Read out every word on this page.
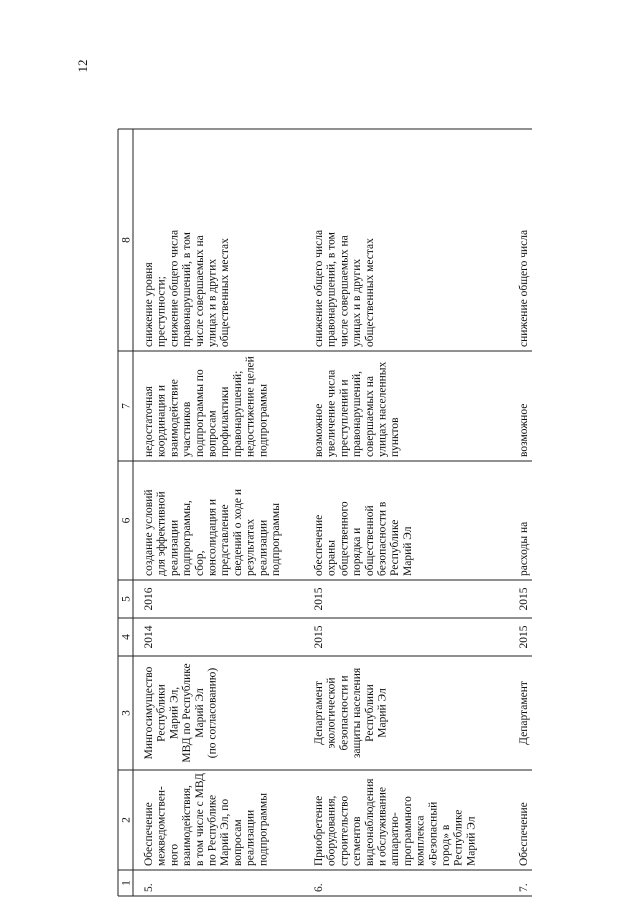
12
1
2
3
4
5
6
7
8
5.
Обеспечение межведомствен- ного взаимодействия, в том числе с МВД по Республике Марий Эл, по вопросам реализации подпрограммы
Мингосимущество Республики Марий Эл, МВД по Республике Марий Эл (по согласованию)
2014
2016
создание условий для эффективной реализации подпрограммы, сбор, консолидация и представление сведений о ходе и результатах реализации подпрограммы
недостаточная координация и взаимодействие участников подпрограммы по вопросам профилактики правонарушений; недостижение целей подпрограммы
снижение уровня преступности; снижение общего числа правонарушений, в том числе совершаемых на улицах и в других общественных местах
6.
Приобретение оборудования, строительство сегментов видеонаблюдения и обслуживание аппаратно- программного комплекса «Безопасный город» в Республике Марий Эл
Департамент экологической безопасности и защиты населения Республики Марий Эл
2015
2015
обеспечение охраны общественного порядка и общественной безопасности в Республике Марий Эл
возможное увеличение числа преступлений и правонарушений, совершаемых на улицах населенных пунктов
снижение общего числа правонарушений, в том числе совершаемых на улицах и в других общественных местах
7.
Обеспечение
Департамент
2015
2015
расходы на
возможное
снижение общего числа
